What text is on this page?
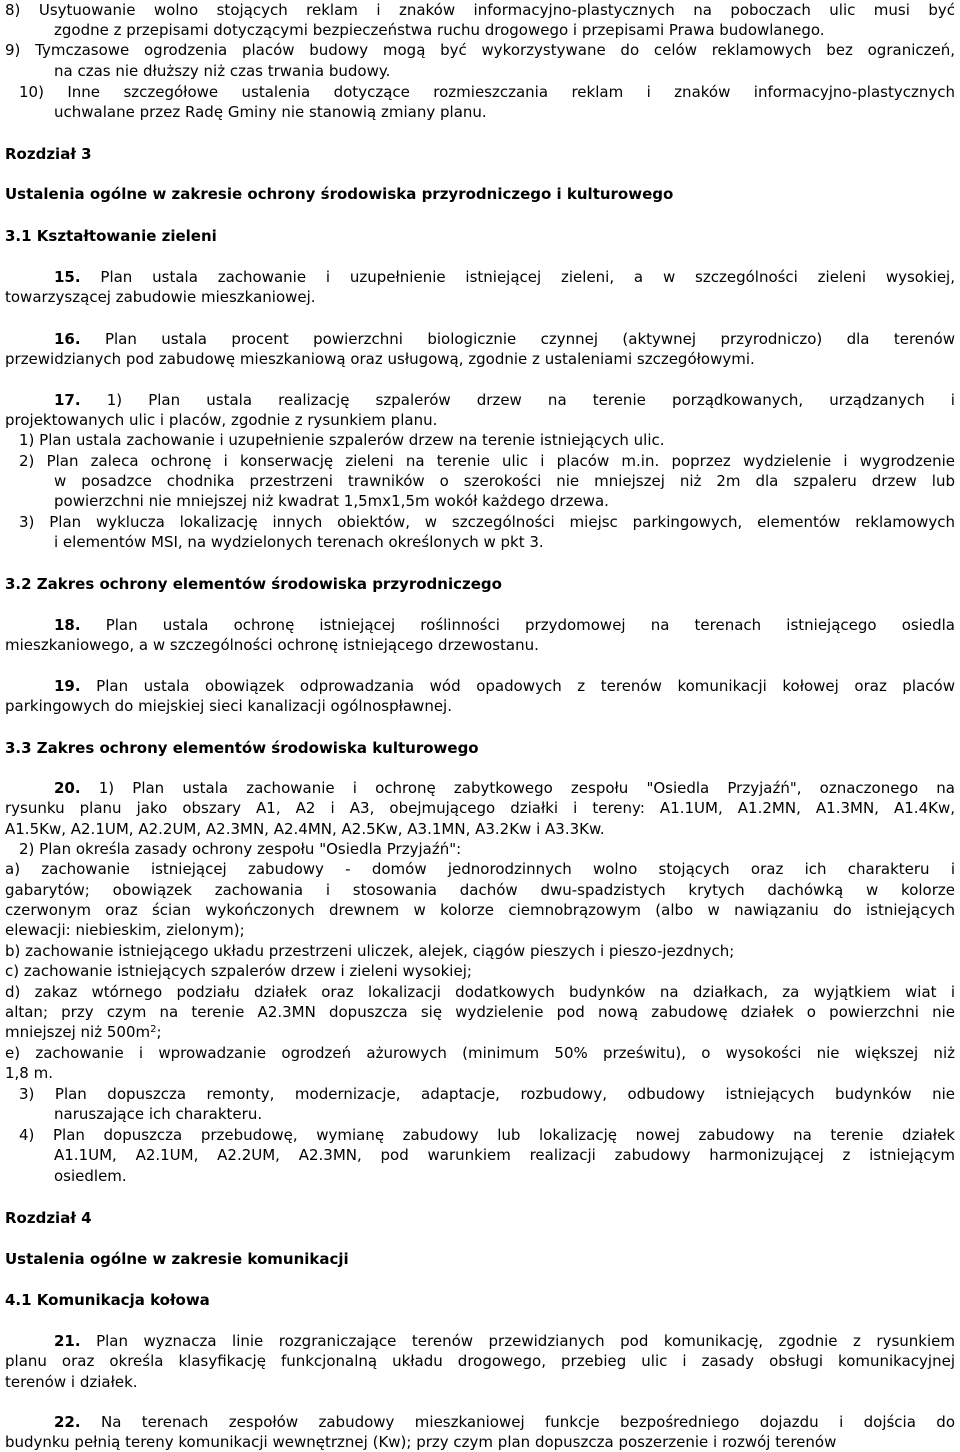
8) Usytuowanie wolno stojących reklam i znaków informacyjno-plastycznych na poboczach ulic musi być
zgodne z przepisami dotyczącymi bezpieczeństwa ruchu drogowego i przepisami Prawa budowlanego.
9) Tymczasowe ogrodzenia placów budowy mogą być wykorzystywane do celów reklamowych bez ograniczeń,
na czas nie dłuższy niż czas trwania budowy.
10) Inne szczegółowe ustalenia dotyczące rozmieszczania reklam i znaków informacyjno-plastycznych
uchwalane przez Radę Gminy nie stanowią zmiany planu.
1) Plan ustala zachowanie i uzupełnienie szpalerów drzew na terenie istniejących ulic.
2) Plan zaleca ochronę i konserwację zieleni na terenie ulic i placów m.in. poprzez wydzielenie i wygrodzenie
w posadzce chodnika przestrzeni trawników o szerokości nie mniejszej niż 2m dla szpaleru drzew lub
powierzchni nie mniejszej niż kwadrat 1,5mx1,5m wokół każdego drzewa.
3) Plan wyklucza lokalizację innych obiektów, w szczególności miejsc parkingowych, elementów reklamowych
i elementów MSI, na wydzielonych terenach określonych w pkt 3.
2) Plan określa zasady ochrony zespołu "Osiedla Przyjaźń":
a) zachowanie istniejącej zabudowy - domów jednorodzinnych wolno stojących oraz ich charakteru i
gabarytów; obowiązek zachowania i stosowania dachów dwu-spadzistych krytych dachówką w kolorze
czerwonym oraz ścian wykończonych drewnem w kolorze ciemnobrązowym (albo w nawiązaniu do istniejących
elewacji: niebieskim, zielonym);
b) zachowanie istniejącego układu przestrzeni uliczek, alejek, ciągów pieszych i pieszo-jezdnych;
c) zachowanie istniejących szpalerów drzew i zieleni wysokiej;
d) zakaz wtórnego podziału działek oraz lokalizacji dodatkowych budynków na działkach, za wyjątkiem wiat i
altan; przy czym na terenie A2.3MN dopuszcza się wydzielenie pod nową zabudowę działek o powierzchni nie
e) zachowanie i wprowadzanie ogrodzeń ażurowych (minimum 50% prześwitu), o wysokości nie większej niż
1,8 m.
3) Plan dopuszcza remonty, modernizacje, adaptacje, rozbudowy, odbudowy istniejących budynków nie
naruszające ich charakteru.
4) Plan dopuszcza przebudowę, wymianę zabudowy lub lokalizację nowej zabudowy na terenie działek
A1.1UM, A2.1UM, A2.2UM, A2.3MN, pod warunkiem realizacji zabudowy harmonizującej z istniejącym
osiedlem.
Rozdział 3
Ustalenia ogólne w zakresie ochrony środowiska przyrodniczego i kulturowego
3.1 Kształtowanie zieleni
3.2 Zakres ochrony elementów środowiska przyrodniczego
3.3 Zakres ochrony elementów środowiska kulturowego
Rozdział 4
Ustalenia ogólne w zakresie komunikacji
4.1 Komunikacja kołowa
15. Plan ustala zachowanie i uzupełnienie istniejącej zieleni, a w szczególności zieleni wysokiej,
towarzyszącej zabudowie mieszkaniowej.
16. Plan ustala procent powierzchni biologicznie czynnej (aktywnej przyrodniczo) dla terenów
przewidzianych pod zabudowę mieszkaniową oraz usługową, zgodnie z ustaleniami szczegółowymi.
17. 1) Plan ustala realizację szpalerów drzew na terenie porządkowanych, urządzanych i
projektowanych ulic i placów, zgodnie z rysunkiem planu.
18. Plan ustala ochronę istniejącej roślinności przydomowej na terenach istniejącego osiedla
mieszkaniowego, a w szczególności ochronę istniejącego drzewostanu.
19. Plan ustala obowiązek odprowadzania wód opadowych z terenów komunikacji kołowej oraz placów
parkingowych do miejskiej sieci kanalizacji ogólnospławnej.
20. 1) Plan ustala zachowanie i ochronę zabytkowego zespołu "Osiedla Przyjaźń", oznaczonego na
rysunku planu jako obszary A1, A2 i A3, obejmującego działki i tereny: A1.1UM, A1.2MN, A1.3MN, A1.4Kw,
A1.5Kw, A2.1UM, A2.2UM, A2.3MN, A2.4MN, A2.5Kw, A3.1MN, A3.2Kw i A3.3Kw.
21. Plan wyznacza linie rozgraniczające terenów przewidzianych pod komunikację, zgodnie z rysunkiem
planu oraz określa klasyfikację funkcjonalną układu drogowego, przebieg ulic i zasady obsługi komunikacyjnej
terenów i działek.
22. Na terenach zespołów zabudowy mieszkaniowej funkcje bezpośredniego dojazdu i dojścia do
budynku pełnią tereny komunikacji wewnętrznej (Kw); przy czym plan dopuszcza poszerzenie i rozwój terenów
mniejszej niż $500m^2$;
